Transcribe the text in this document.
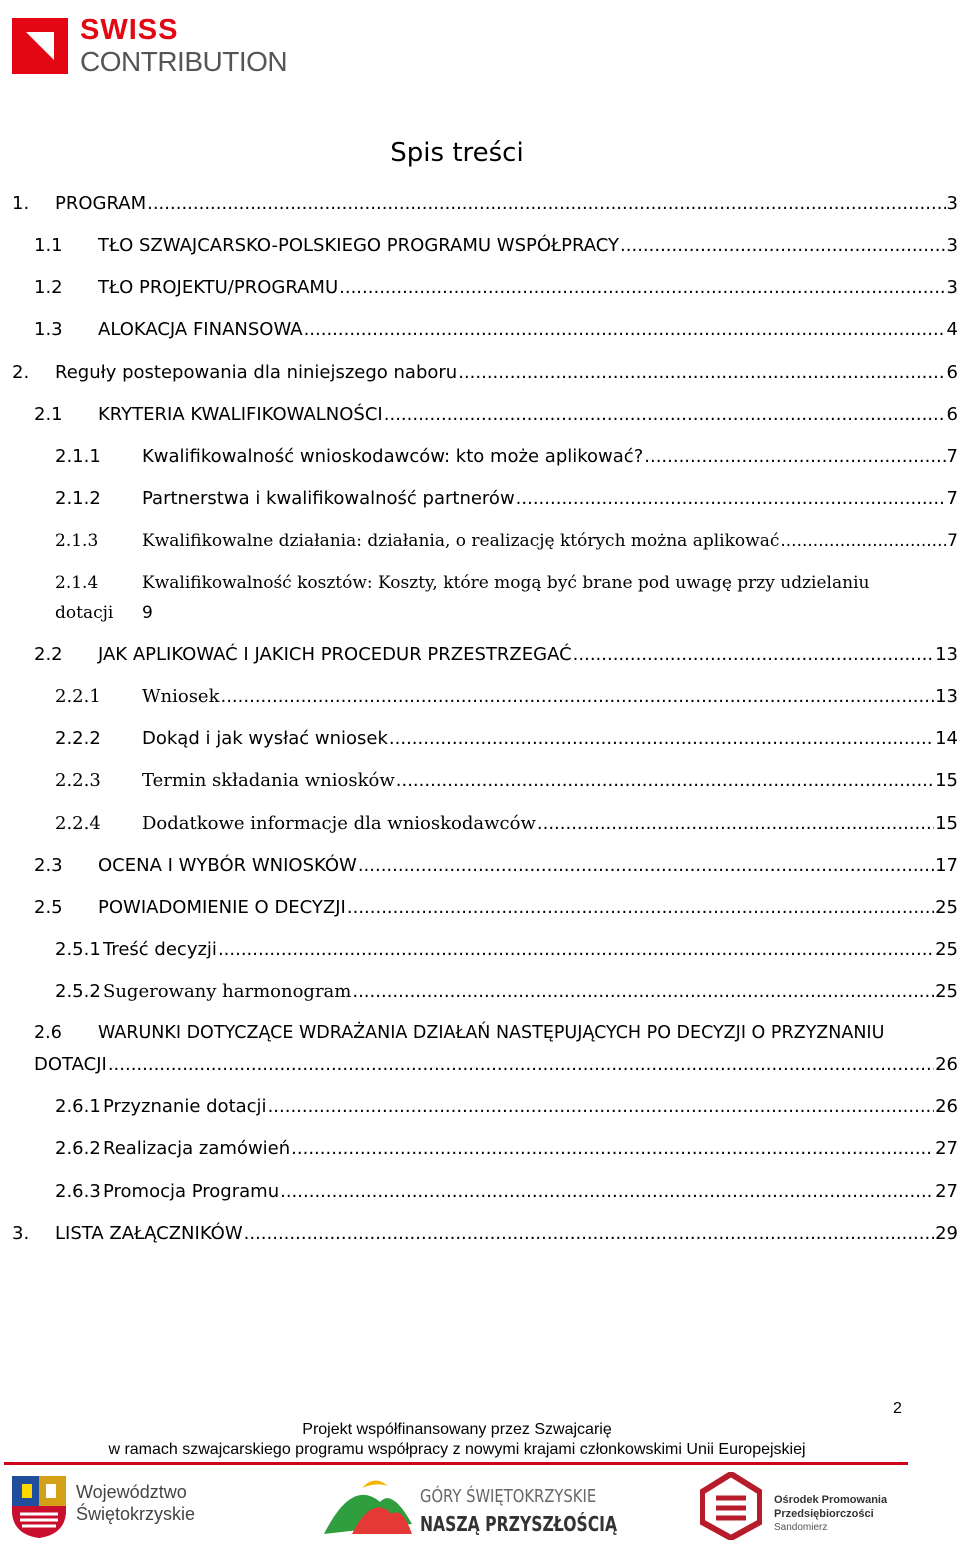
SWISS
CONTRIBUTION
Spis treści
1.	PROGRAM .....	3
1.1	TŁO SZWAJCARSKO-POLSKIEGO PROGRAMU WSPÓŁPRACY .....	3
1.2	TŁO PROJEKTU/PROGRAMU .....	3
1.3	ALOKACJA FINANSOWA .....	4
2.	Reguły postepowania dla niniejszego naboru .....	6
2.1	KRYTERIA KWALIFIKOWALNOŚCI .....	6
2.1.1	Kwalifikowalność wnioskodawców: kto może aplikować? .....	7
2.1.2	Partnerstwa i kwalifikowalność partnerów .....	7
2.1.3	Kwalifikowalne działania: działania, o realizację których można aplikować .....	7
2.1.4	Kwalifikowalność kosztów: Koszty, które mogą być brane pod uwagę przy udzielaniu
dotacji 9
2.2	JAK APLIKOWAĆ I JAKICH PROCEDUR PRZESTRZEGAĆ .....	13
2.2.1	Wniosek .....	13
2.2.2	Dokąd i jak wysłać wniosek .....	14
2.2.3	Termin składania wniosków .....	15
2.2.4	Dodatkowe informacje dla wnioskodawców .....	15
2.3	OCENA I WYBÓR WNIOSKÓW .....	17
2.5	POWIADOMIENIE O DECYZJI .....	25
2.5.1 Treść decyzji .....	25
2.5.2 Sugerowany harmonogram .....	25
2.6 WARUNKI DOTYCZĄCE WDRAŻANIA DZIAŁAŃ NASTĘPUJĄCYCH PO DECYZJI O PRZYZNANIU
DOTACJI .....	26
2.6.1 Przyznanie dotacji .....	26
2.6.2 Realizacja zamówień .....	27
2.6.3 Promocja Programu .....	27
3.	LISTA ZAŁĄCZNIKÓW .....	29
2
Projekt współfinansowany przez Szwajcarię
w ramach szwajcarskiego programu współpracy z nowymi krajami członkowskimi Unii Europejskiej
Województwo
Świętokrzyskie
GÓRY ŚWIĘTOKRZYSKIE
NASZĄ PRZYSZŁOŚCIĄ
Ośrodek Promowania
Przedsiębiorczości
Sandomierz
